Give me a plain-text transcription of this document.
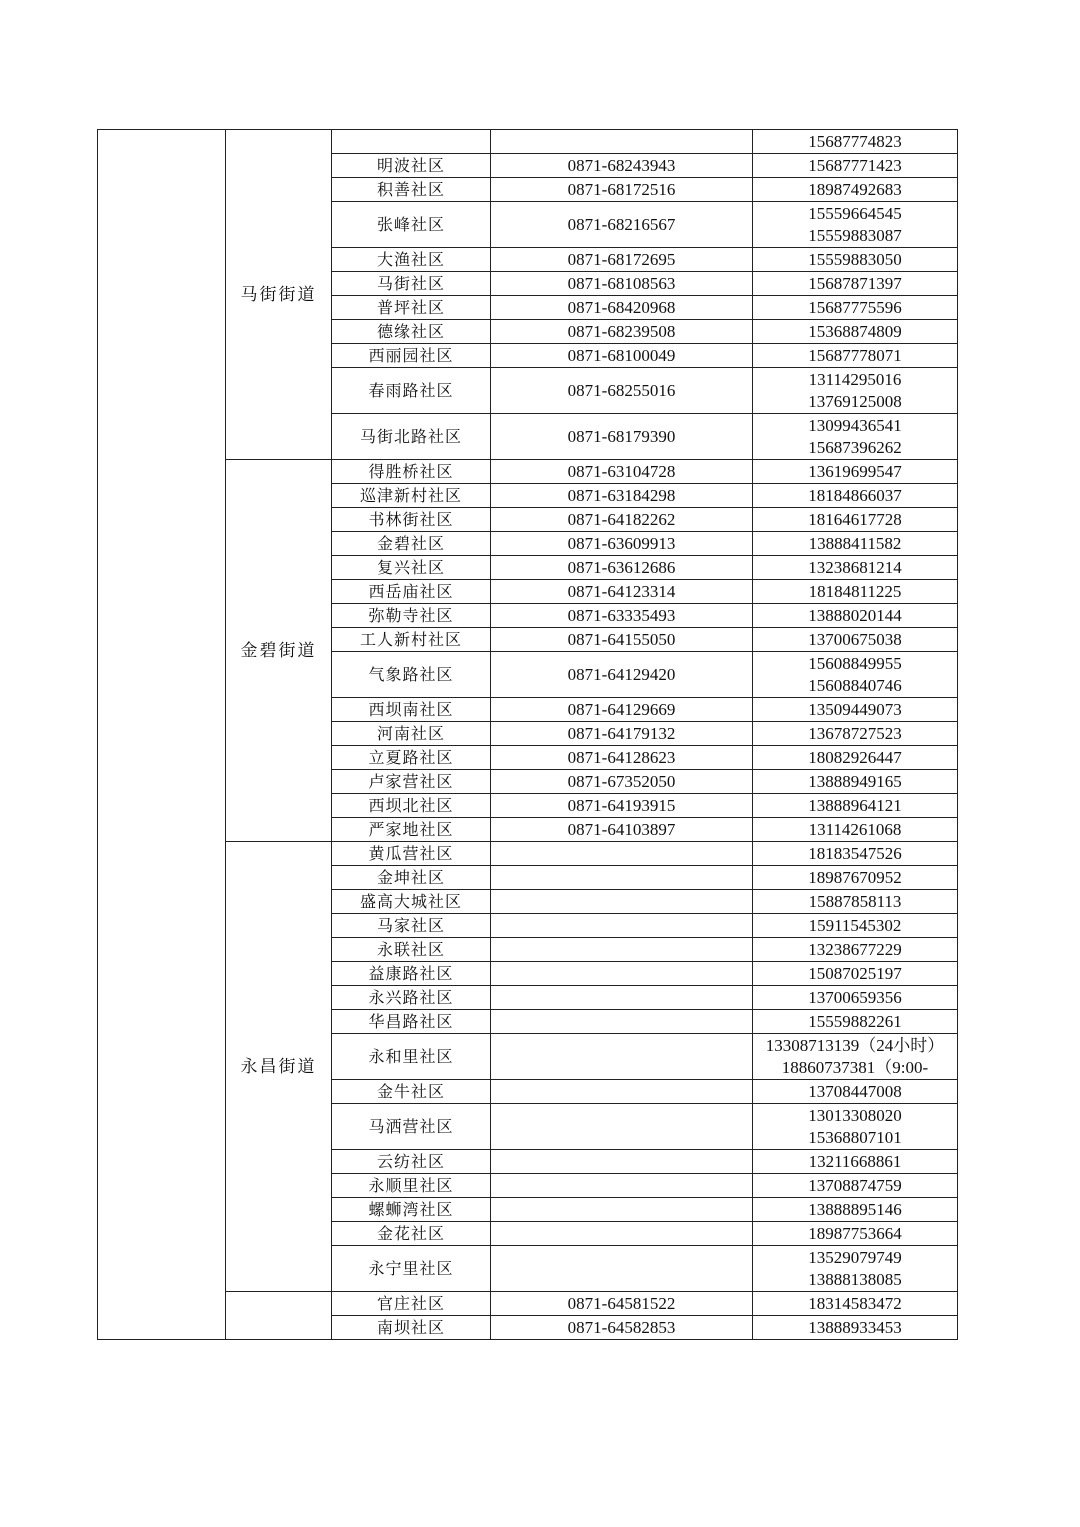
	马街街道			15687774823

		明波社区	0871-68243943	15687771423

		积善社区	0871-68172516	18987492683

		张峰社区	0871-68216567	15559664545
15559883087

		大渔社区	0871-68172695	15559883050

		马街社区	0871-68108563	15687871397

		普坪社区	0871-68420968	15687775596

		德缘社区	0871-68239508	15368874809

		西丽园社区	0871-68100049	15687778071

		春雨路社区	0871-68255016	13114295016
13769125008

		马街北路社区	0871-68179390	13099436541
15687396262

	金碧街道	得胜桥社区	0871-63104728	13619699547

		巡津新村社区	0871-63184298	18184866037

		书林街社区	0871-64182262	18164617728

		金碧社区	0871-63609913	13888411582

		复兴社区	0871-63612686	13238681214

		西岳庙社区	0871-64123314	18184811225

		弥勒寺社区	0871-63335493	13888020144

		工人新村社区	0871-64155050	13700675038

		气象路社区	0871-64129420	15608849955
15608840746

		西坝南社区	0871-64129669	13509449073

		河南社区	0871-64179132	13678727523

		立夏路社区	0871-64128623	18082926447

		卢家营社区	0871-67352050	13888949165

		西坝北社区	0871-64193915	13888964121

		严家地社区	0871-64103897	13114261068

	永昌街道	黄瓜营社区		18183547526

		金坤社区		18987670952

		盛高大城社区		15887858113

		马家社区		15911545302

		永联社区		13238677229

		益康路社区		15087025197

		永兴路社区		13700659356

		华昌路社区		15559882261

		永和里社区		13308713139（24小时）
18860737381（9:00-

		金牛社区		13708447008

		马洒营社区		13013308020
15368807101

		云纺社区		13211668861

		永顺里社区		13708874759

		螺蛳湾社区		13888895146

		金花社区		18987753664

		永宁里社区		13529079749
13888138085

		官庄社区	0871-64581522	18314583472

		南坝社区	0871-64582853	13888933453
